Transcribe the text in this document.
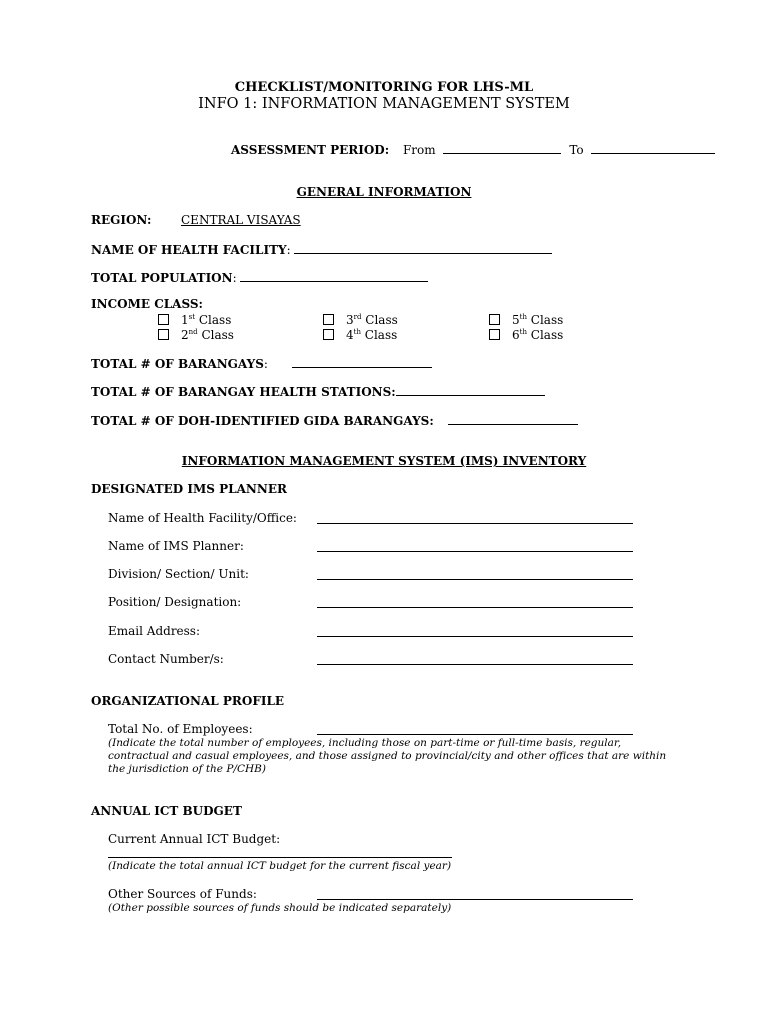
CHECKLIST/MONITORING FOR LHS-ML
INFO 1: INFORMATION MANAGEMENT SYSTEM
ASSESSMENT PERIOD: From	To
GENERAL INFORMATION
REGION: CENTRAL VISAYAS
NAME OF HEALTH FACILITY:
TOTAL POPULATION:
INCOME CLASS:
1st Class	3rd Class	5th Class
2nd Class	4th Class	6th Class
TOTAL # OF BARANGAYS:
TOTAL # OF BARANGAY HEALTH STATIONS:
TOTAL # OF DOH-IDENTIFIED GIDA BARANGAYS:
INFORMATION MANAGEMENT SYSTEM (IMS) INVENTORY
DESIGNATED IMS PLANNER
Name of Health Facility/Office:
Name of IMS Planner:
Division/ Section/ Unit:
Position/ Designation:
Email Address:
Contact Number/s:
ORGANIZATIONAL PROFILE
Total No. of Employees:
(Indicate the total number of employees, including those on part-time or full-time basis, regular, contractual and casual employees, and those assigned to provincial/city and other offices that are within the jurisdiction of the P/CHB)
ANNUAL ICT BUDGET
Current Annual ICT Budget:
(Indicate the total annual ICT budget for the current fiscal year)
Other Sources of Funds:
(Other possible sources of funds should be indicated separately)
